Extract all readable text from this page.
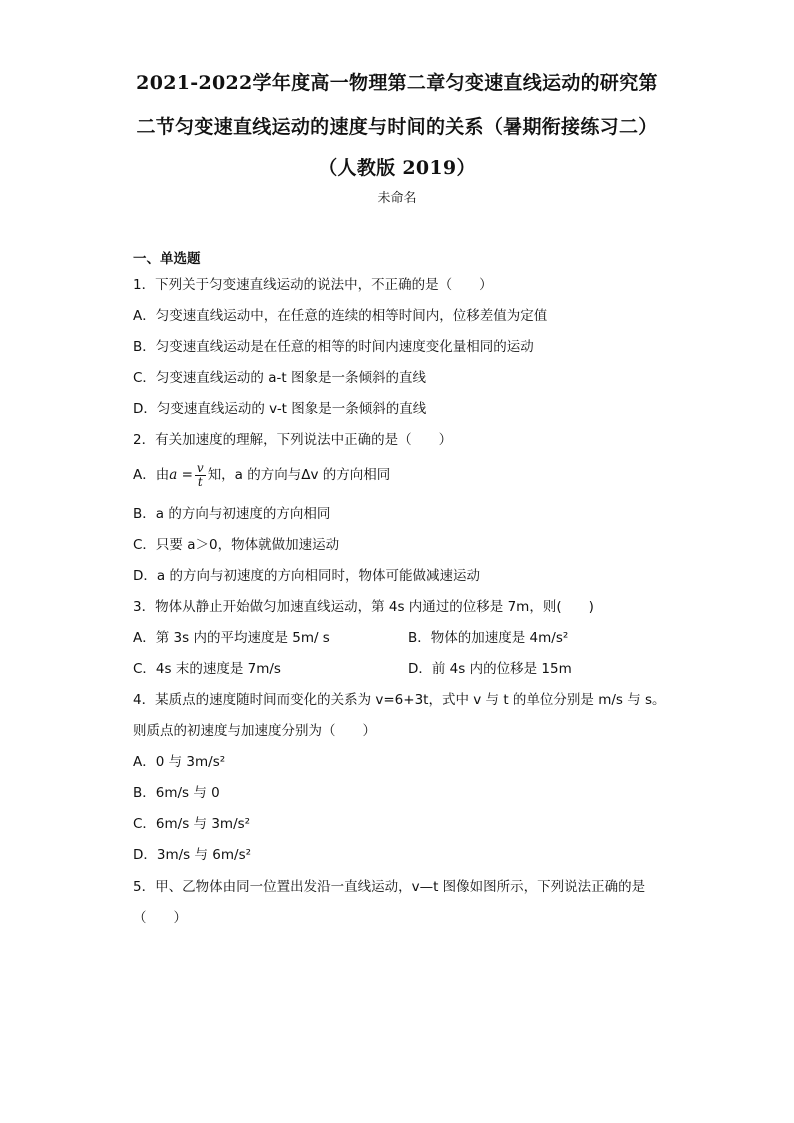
2021-2022学年度高一物理第二章匀变速直线运动的研究第
二节匀变速直线运动的速度与时间的关系（暑期衔接练习二）
（人教版 2019）
未命名
一、单选题
1．下列关于匀变速直线运动的说法中，不正确的是（　　）
A．匀变速直线运动中，在任意的连续的相等时间内，位移差值为定值
B．匀变速直线运动是在任意的相等的时间内速度变化量相同的运动
C．匀变速直线运动的 a-t 图象是一条倾斜的直线
D．匀变速直线运动的 v-t 图象是一条倾斜的直线
2．有关加速度的理解，下列说法中正确的是（　　）
A．由$a = \frac{v}{t}$ 知，a 的方向与Δv 的方向相同
B．a 的方向与初速度的方向相同
C．只要 a＞0，物体就做加速运动
D．a 的方向与初速度的方向相同时，物体可能做减速运动
3．物体从静止开始做匀加速直线运动，第 4s 内通过的位移是 7m，则(　　)
A．第 3s 内的平均速度是 5m/ s	B．物体的加速度是 4m/s²
C．4s 末的速度是 7m/s	D．前 4s 内的位移是 15m
4．某质点的速度随时间而变化的关系为 v=6+3t，式中 v 与 t 的单位分别是 m/s 与 s。
则质点的初速度与加速度分别为（　　）
A．0 与 3m/s²
B．6m/s 与 0
C．6m/s 与 3m/s²
D．3m/s 与 6m/s²
5．甲、乙物体由同一位置出发沿一直线运动，v—t 图像如图所示，下列说法正确的是
（　　）
